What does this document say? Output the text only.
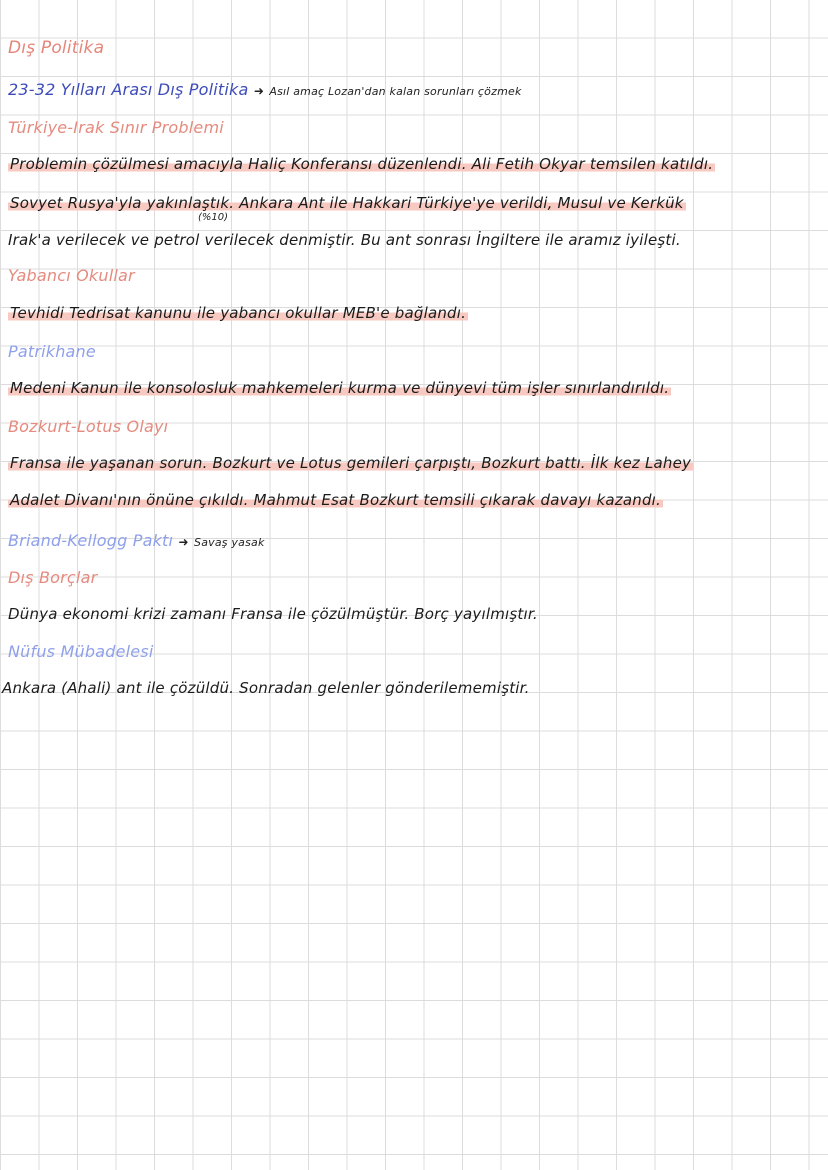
Dış Politika
23-32 Yılları Arası Dış Politika ➜ Asıl amaç Lozan'dan kalan sorunları çözmek
Türkiye-Irak Sınır Problemi
Problemin çözülmesi amacıyla Haliç Konferansı düzenlendi. Ali Fetih Okyar temsilen katıldı.
Sovyet Rusya'yla yakınlaştık. Ankara Ant ile Hakkari Türkiye'ye verildi, Musul ve Kerkük
(%10)
Irak'a verilecek ve petrol verilecek denmiştir. Bu ant sonrası İngiltere ile aramız iyileşti.
Yabancı Okullar
Tevhidi Tedrisat kanunu ile yabancı okullar MEB'e bağlandı.
Patrikhane
Medeni Kanun ile konsolosluk mahkemeleri kurma ve dünyevi tüm işler sınırlandırıldı.
Bozkurt-Lotus Olayı
Fransa ile yaşanan sorun. Bozkurt ve Lotus gemileri çarpıştı, Bozkurt battı. İlk kez Lahey
Adalet Divanı'nın önüne çıkıldı. Mahmut Esat Bozkurt temsili çıkarak davayı kazandı.
Briand-Kellogg Paktı ➜ Savaş yasak
Dış Borçlar
Dünya ekonomi krizi zamanı Fransa ile çözülmüştür. Borç yayılmıştır.
Nüfus Mübadelesi
Ankara (Ahali) ant ile çözüldü. Sonradan gelenler gönderilememiştir.
